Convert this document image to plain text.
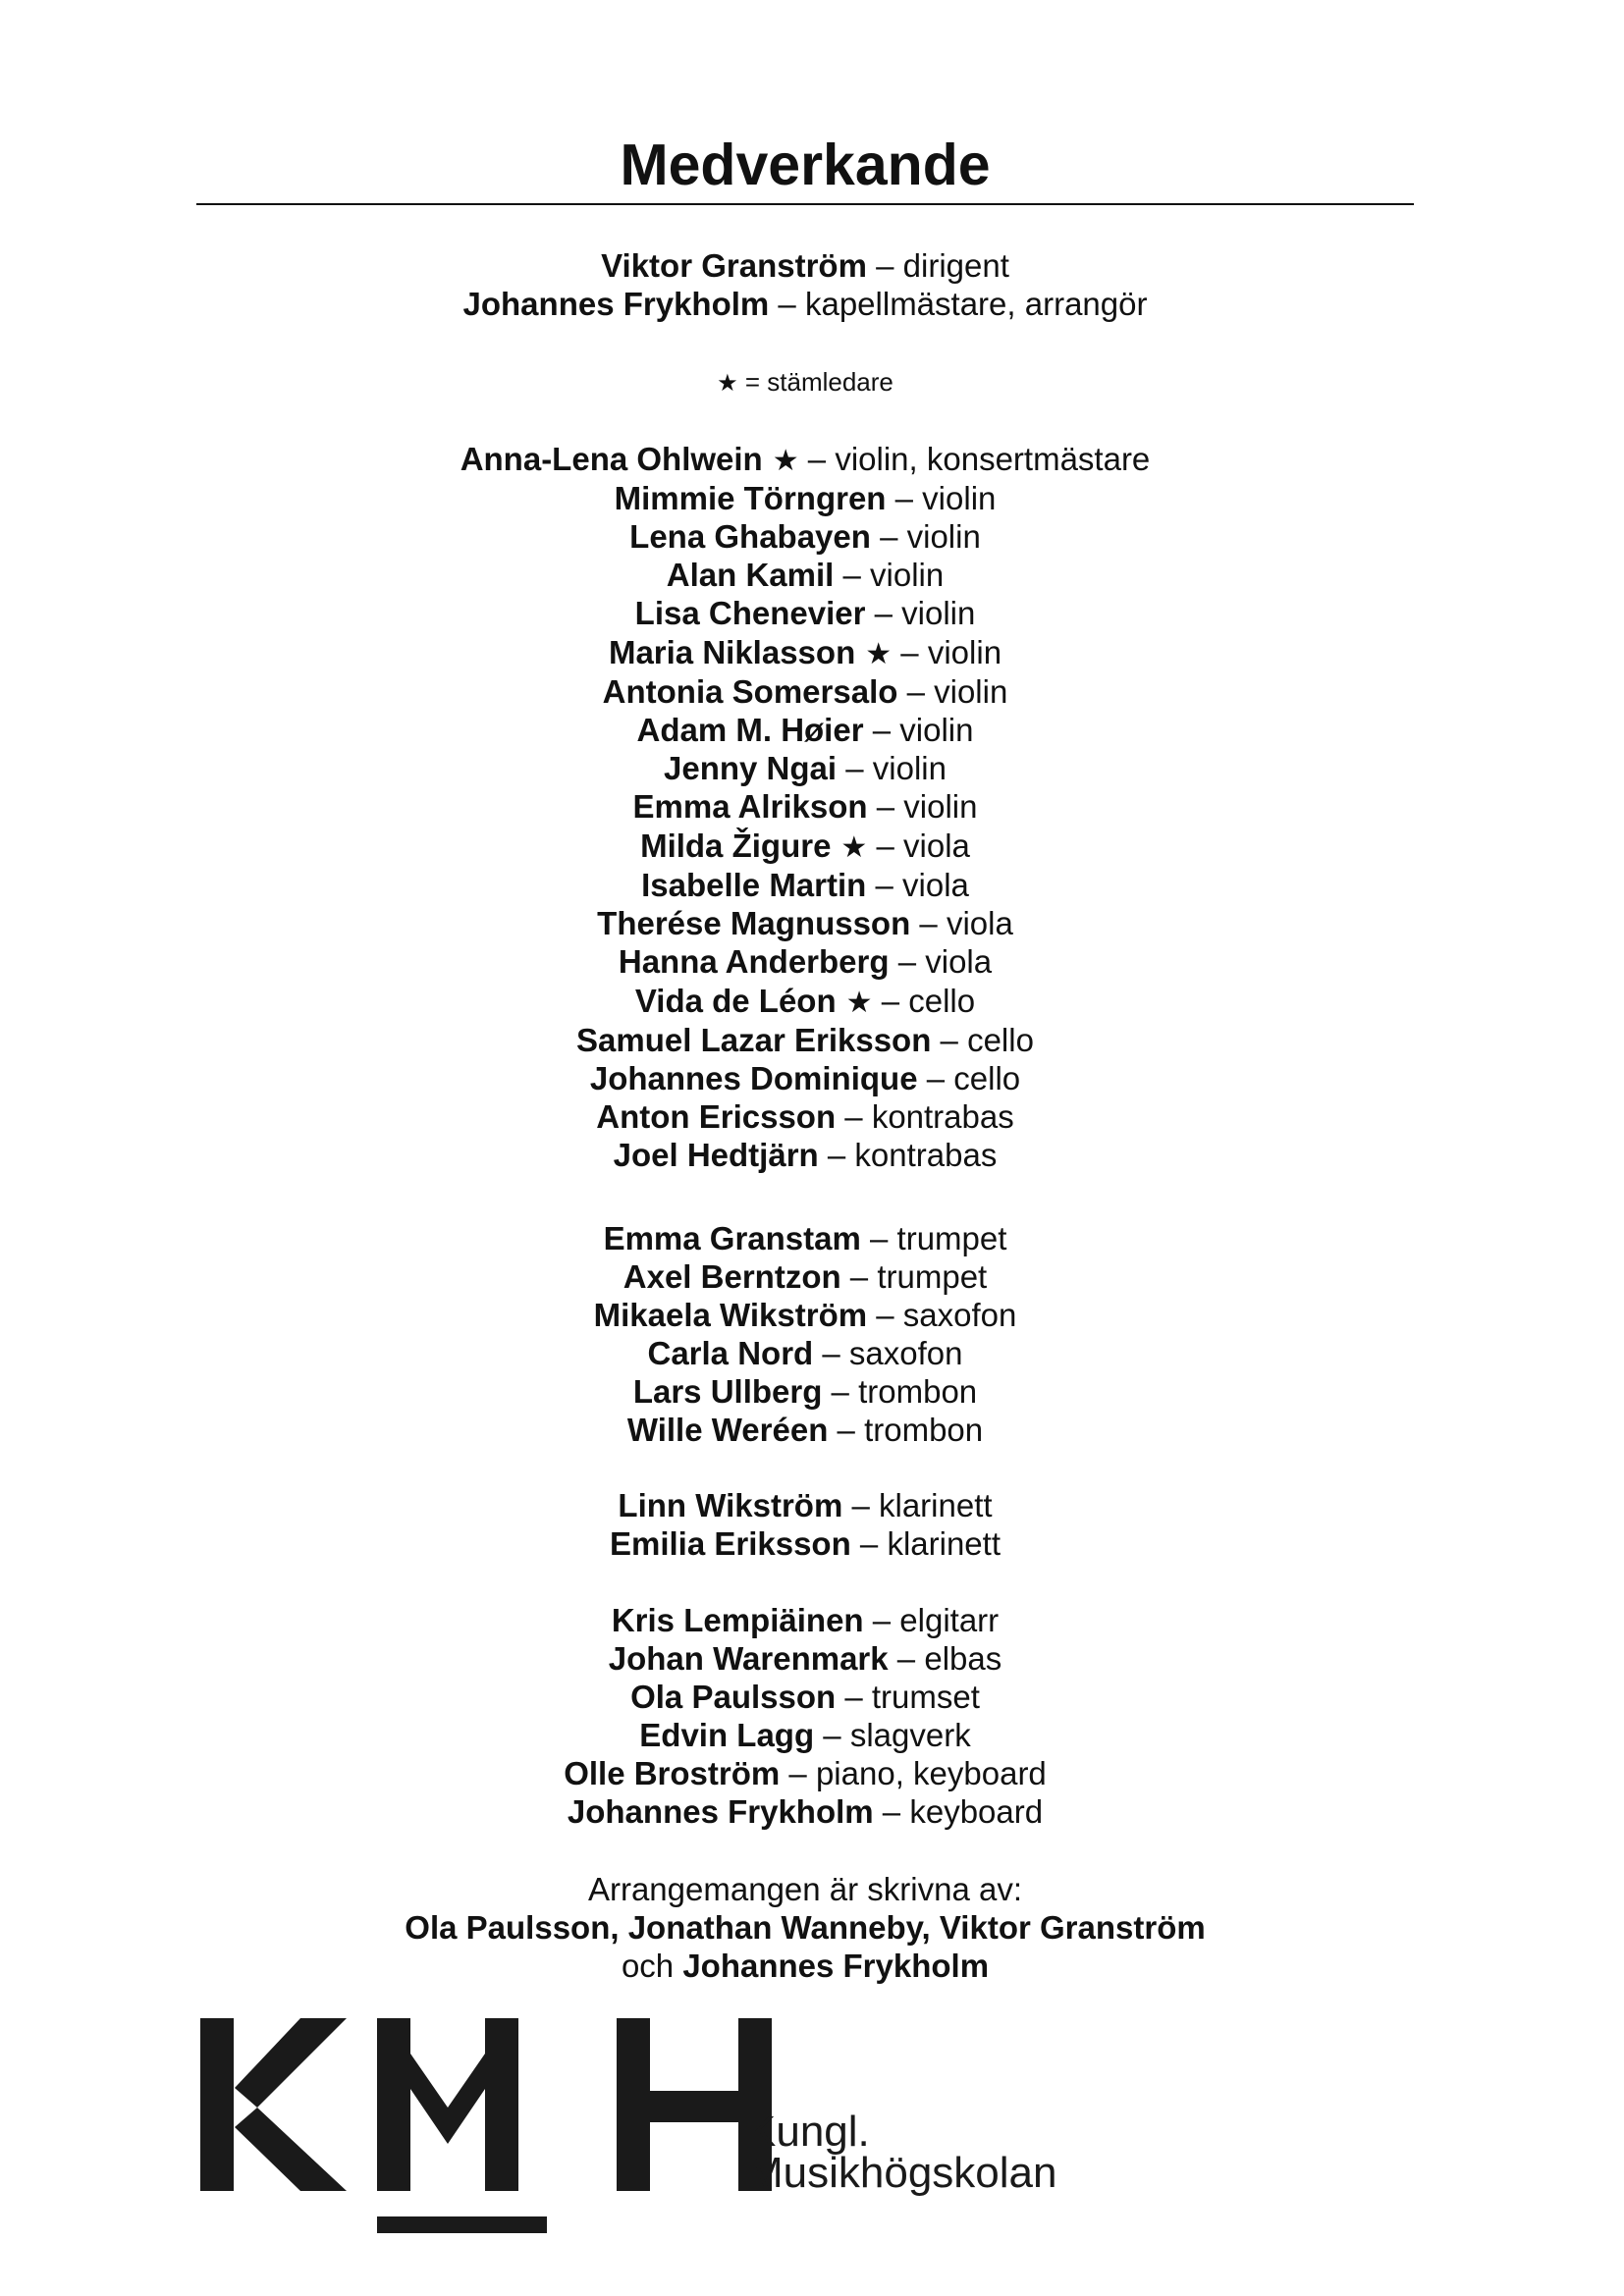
Medverkande

Viktor Granström – dirigent

Johannes Frykholm – kapellmästare, arrangör

★ = stämledare

Anna-Lena Ohlwein ★ – violin, konsertmästare

Mimmie Törngren – violin

Lena Ghabayen – violin

Alan Kamil – violin

Lisa Chenevier – violin

Maria Niklasson ★ – violin

Antonia Somersalo – violin

Adam M. Høier – violin

Jenny Ngai – violin

Emma Alrikson – violin

Milda Žigure ★ – viola

Isabelle Martin – viola

Therése Magnusson – viola

Hanna Anderberg – viola

Vida de Léon ★ – cello

Samuel Lazar Eriksson – cello

Johannes Dominique – cello

Anton Ericsson – kontrabas

Joel Hedtjärn – kontrabas

Emma Granstam – trumpet

Axel Berntzon – trumpet

Mikaela Wikström – saxofon

Carla Nord – saxofon

Lars Ullberg – trombon

Wille Weréen – trombon

Linn Wikström – klarinett

Emilia Eriksson – klarinett

Kris Lempiäinen – elgitarr

Johan Warenmark – elbas

Ola Paulsson – trumset

Edvin Lagg – slagverk

Olle Broström – piano, keyboard

Johannes Frykholm – keyboard

Arrangemangen är skrivna av:

Ola Paulsson, Jonathan Wanneby, Viktor Granström

och Johannes Frykholm

Kungl.
Musikhögskolan
